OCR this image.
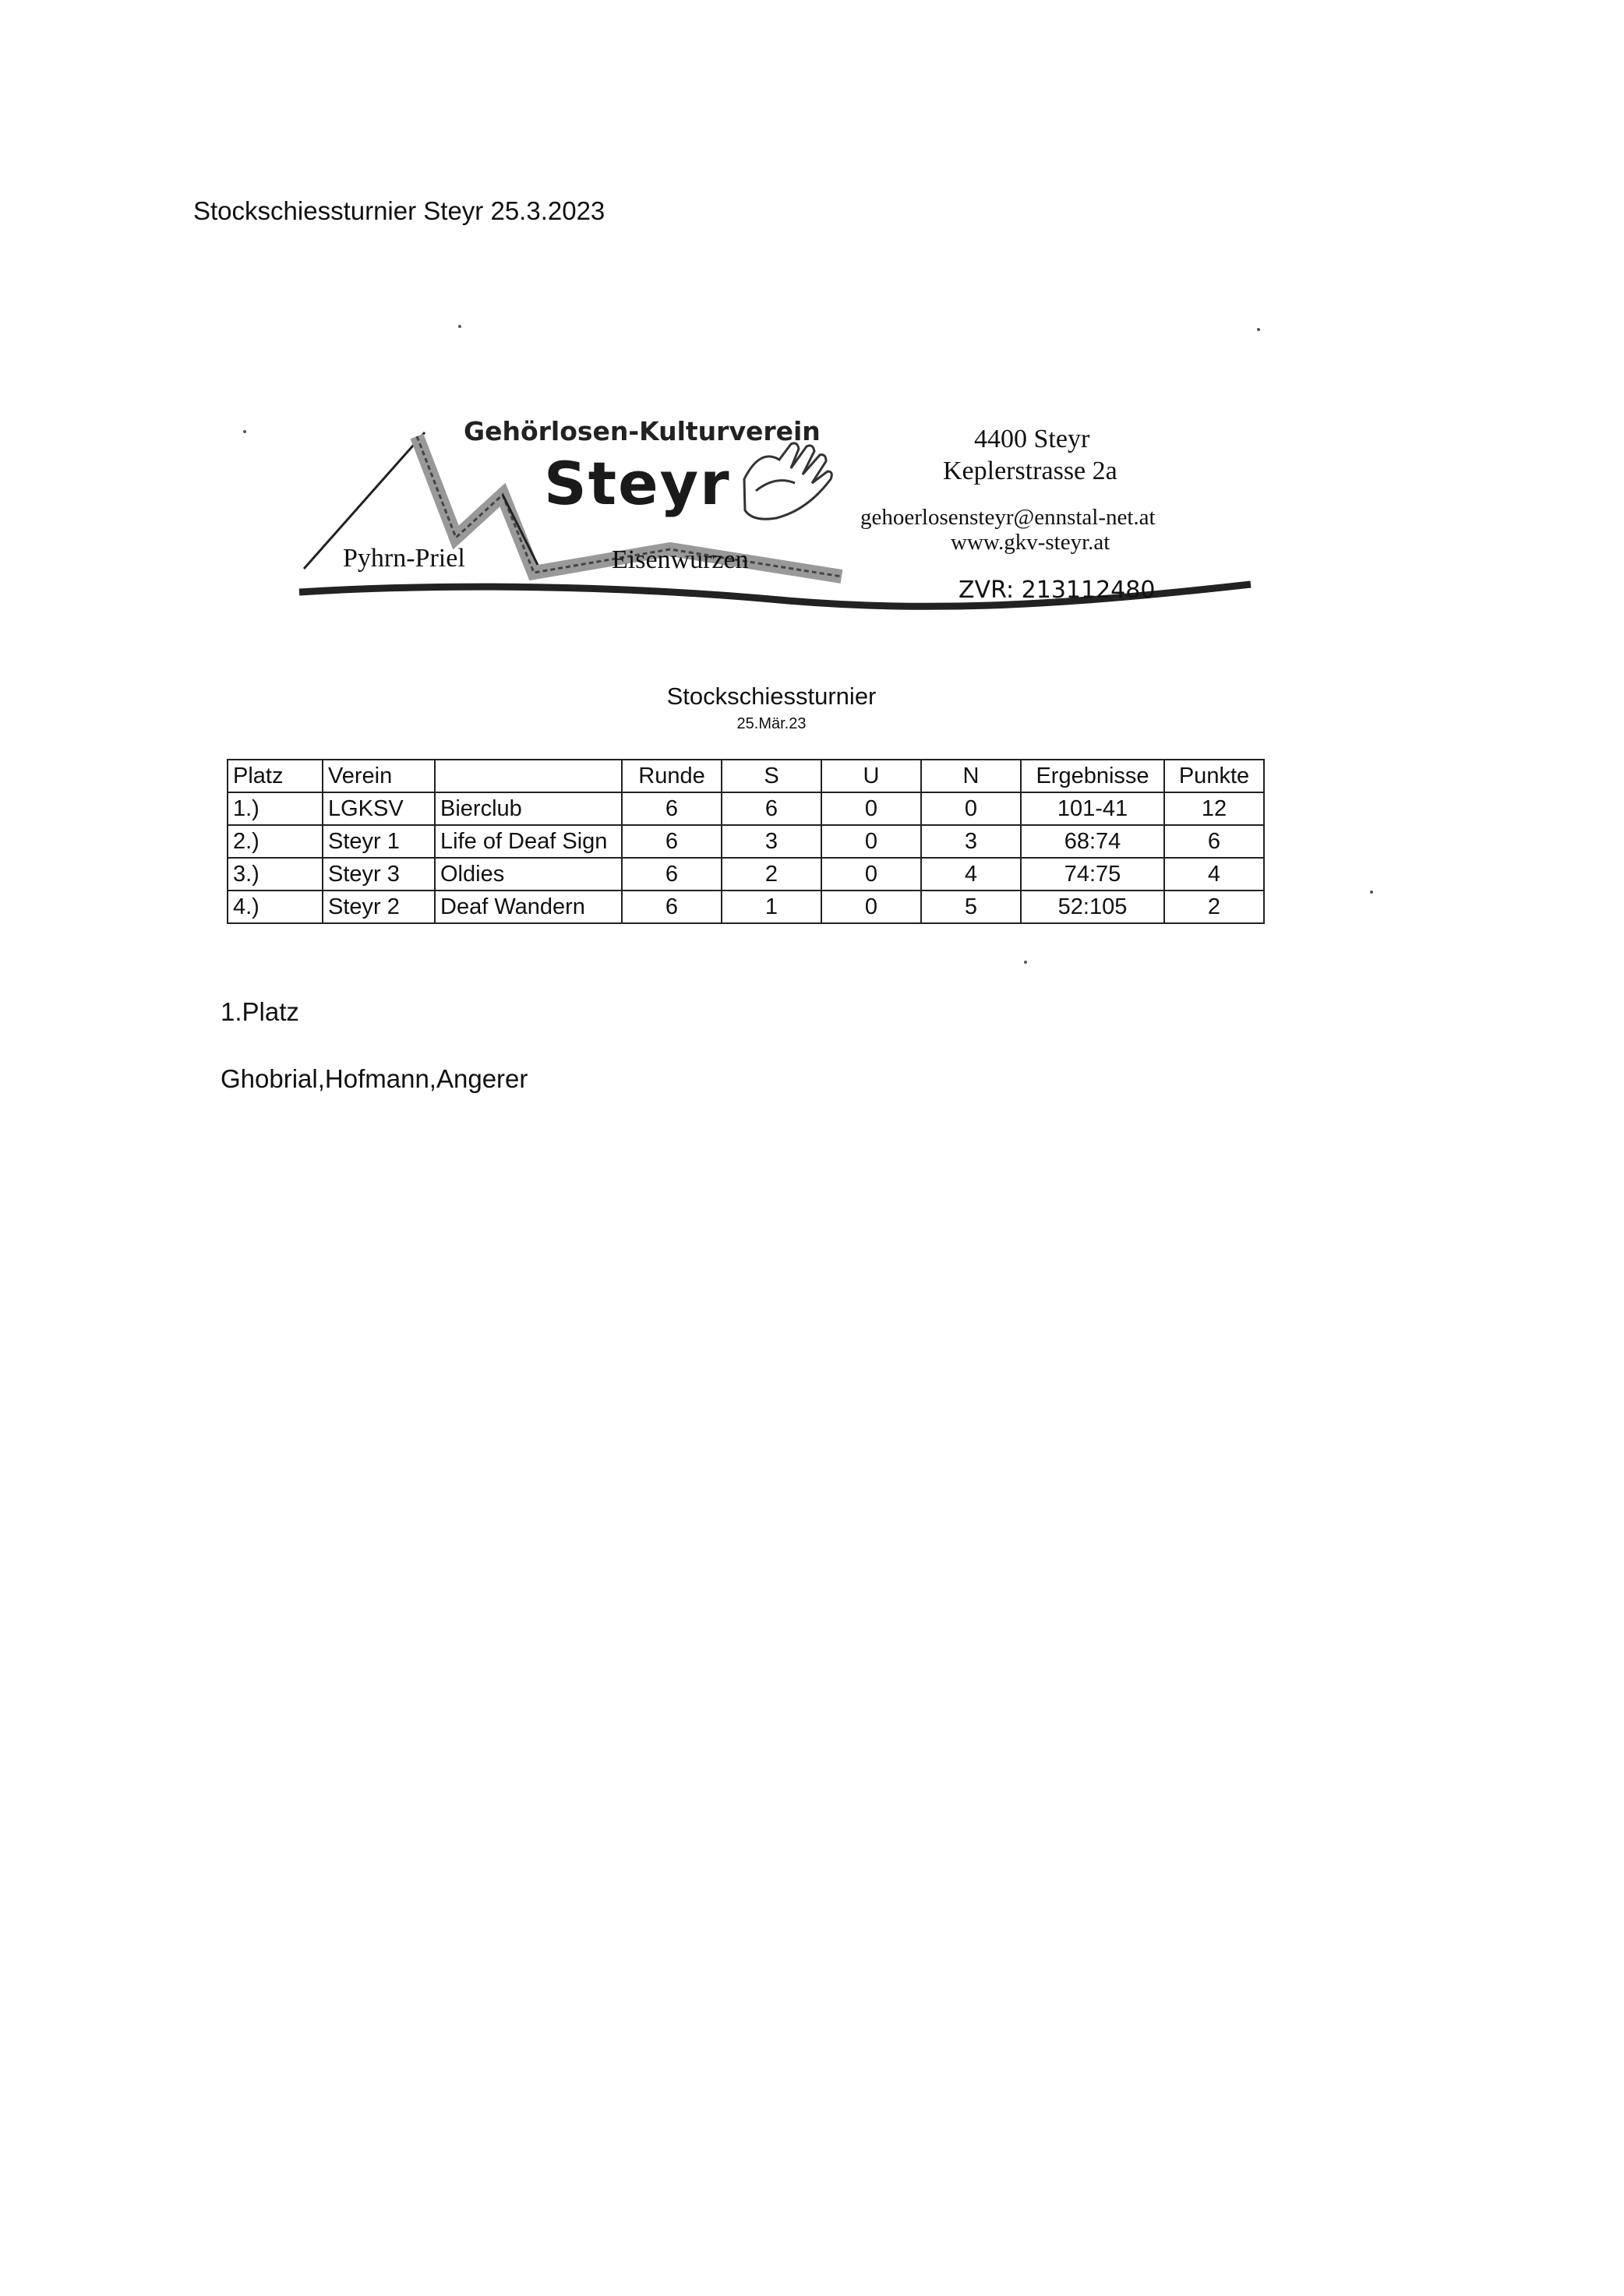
Stockschiessturnier Steyr 25.3.2023
Gehörlosen-Kulturverein
Steyr
Pyhrn-Priel	Eisenwurzen
4400 Steyr
Keplerstrasse 2a
gehoerlosensteyr@ennstal-net.at
www.gkv-steyr.at
ZVR: 213112480
Stockschiessturnier
25.Mär.23
Platz	Verein		Runde	S	U	N	Ergebnisse	Punkte
1.)	LGKSV	Bierclub	6	6	0	0	101-41	12
2.)	Steyr 1	Life of Deaf Sign	6	3	0	3	68:74	6
3.)	Steyr 3	Oldies	6	2	0	4	74:75	4
4.)	Steyr 2	Deaf Wandern	6	1	0	5	52:105	2
1.Platz
Ghobrial,Hofmann,Angerer
